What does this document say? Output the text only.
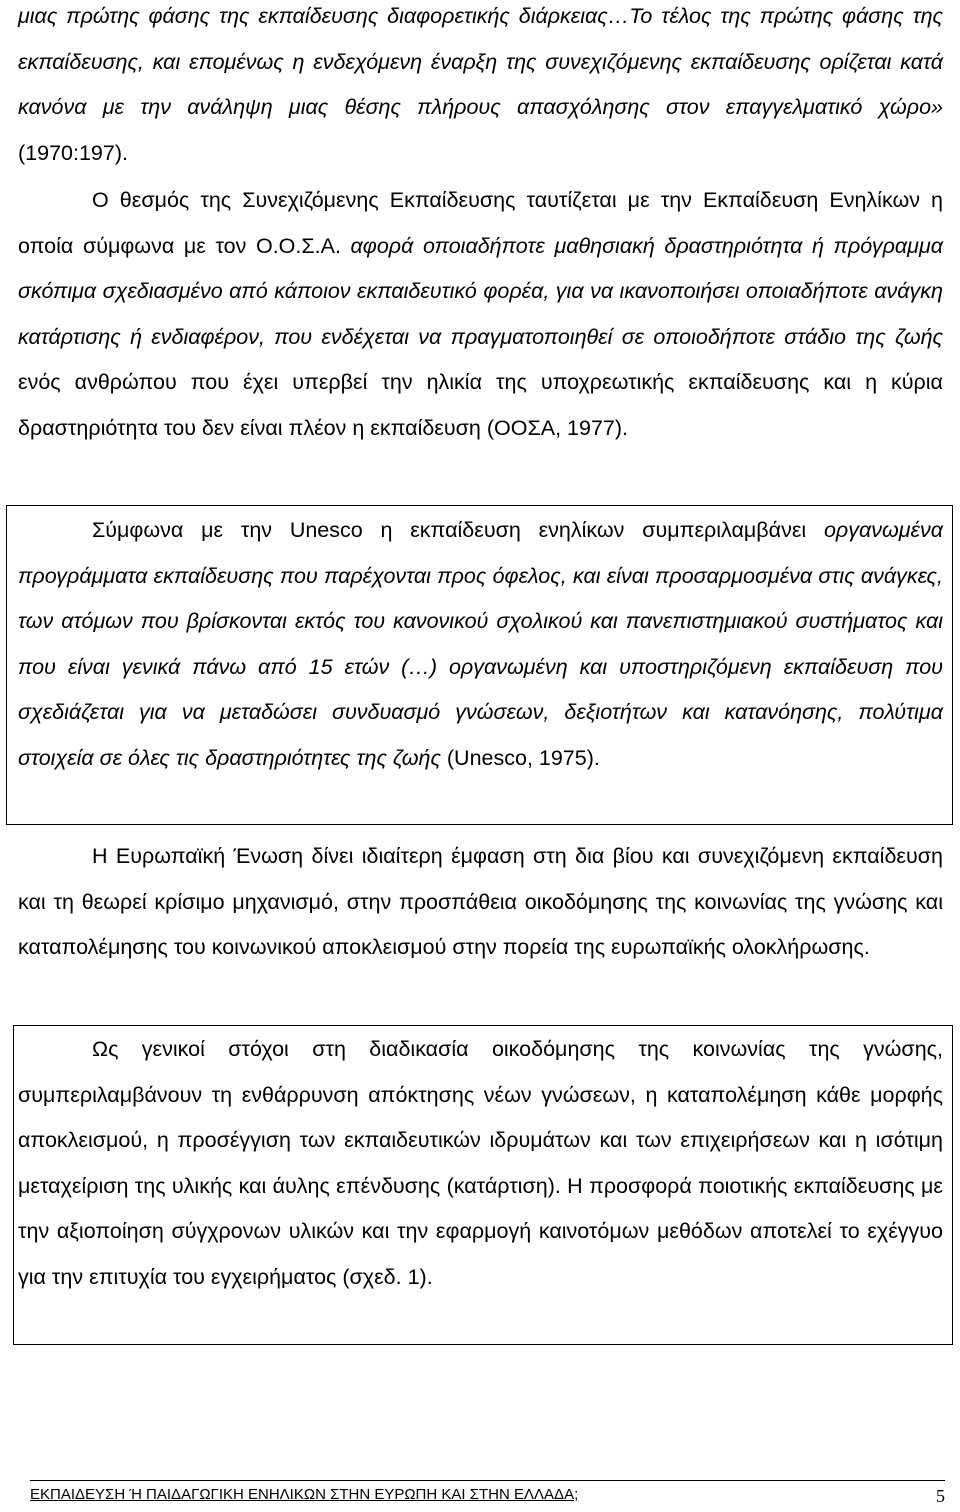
μιας πρώτης φάσης της εκπαίδευσης διαφορετικής διάρκειας…Το τέλος της πρώτης φάσης της εκπαίδευσης, και επομένως η ενδεχόμενη έναρξη της συνεχιζόμενης εκπαίδευσης ορίζεται κατά κανόνα με την ανάληψη μιας θέσης πλήρους απασχόλησης στον επαγγελματικό χώρο» (1970:197).

Ο θεσμός της Συνεχιζόμενης Εκπαίδευσης ταυτίζεται με την Εκπαίδευση Ενηλίκων η οποία σύμφωνα με τον Ο.Ο.Σ.Α. αφορά οποιαδήποτε μαθησιακή δραστηριότητα ή πρόγραμμα σκόπιμα σχεδιασμένο από κάποιον εκπαιδευτικό φορέα, για να ικανοποιήσει οποιαδήποτε ανάγκη κατάρτισης ή ενδιαφέρον, που ενδέχεται να πραγματοποιηθεί σε οποιοδήποτε στάδιο της ζωής ενός ανθρώπου που έχει υπερβεί την ηλικία της υποχρεωτικής εκπαίδευσης και η κύρια δραστηριότητα του δεν είναι πλέον η εκπαίδευση (ΟΟΣΑ, 1977).

Σύμφωνα με την Unesco η εκπαίδευση ενηλίκων συμπεριλαμβάνει οργανωμένα προγράμματα εκπαίδευσης που παρέχονται προς όφελος, και είναι προσαρμοσμένα στις ανάγκες, των ατόμων που βρίσκονται εκτός του κανονικού σχολικού και πανεπιστημιακού συστήματος και που είναι γενικά πάνω από 15 ετών (…) οργανωμένη και υποστηριζόμενη εκπαίδευση που σχεδιάζεται για να μεταδώσει συνδυασμό γνώσεων, δεξιοτήτων και κατανόησης, πολύτιμα στοιχεία σε όλες τις δραστηριότητες της ζωής (Unesco, 1975).

Η Ευρωπαϊκή Ένωση δίνει ιδιαίτερη έμφαση στη δια βίου και συνεχιζόμενη εκπαίδευση και τη θεωρεί κρίσιμο μηχανισμό, στην προσπάθεια οικοδόμησης της κοινωνίας της γνώσης και καταπολέμησης του κοινωνικού αποκλεισμού στην πορεία της ευρωπαϊκής ολοκλήρωσης.

Ως γενικοί στόχοι στη διαδικασία οικοδόμησης της κοινωνίας της γνώσης, συμπεριλαμβάνουν τη ενθάρρυνση απόκτησης νέων γνώσεων, η καταπολέμηση κάθε μορφής αποκλεισμού, η προσέγγιση των εκπαιδευτικών ιδρυμάτων και των επιχειρήσεων και η ισότιμη μεταχείριση της υλικής και άυλης επένδυσης (κατάρτιση). Η προσφορά ποιοτικής εκπαίδευσης με την αξιοποίηση σύγχρονων υλικών και την εφαρμογή καινοτόμων μεθόδων αποτελεί το εχέγγυο για την επιτυχία του εγχειρήματος (σχεδ. 1).

ΕΚΠΑΙΔΕΥΣΗ Ή ΠΑΙΔΑΓΩΓΙΚΗ ΕΝΗΛΙΚΩΝ ΣΤΗΝ ΕΥΡΩΠΗ ΚΑΙ ΣΤΗΝ ΕΛΛΑΔΑ;	5
